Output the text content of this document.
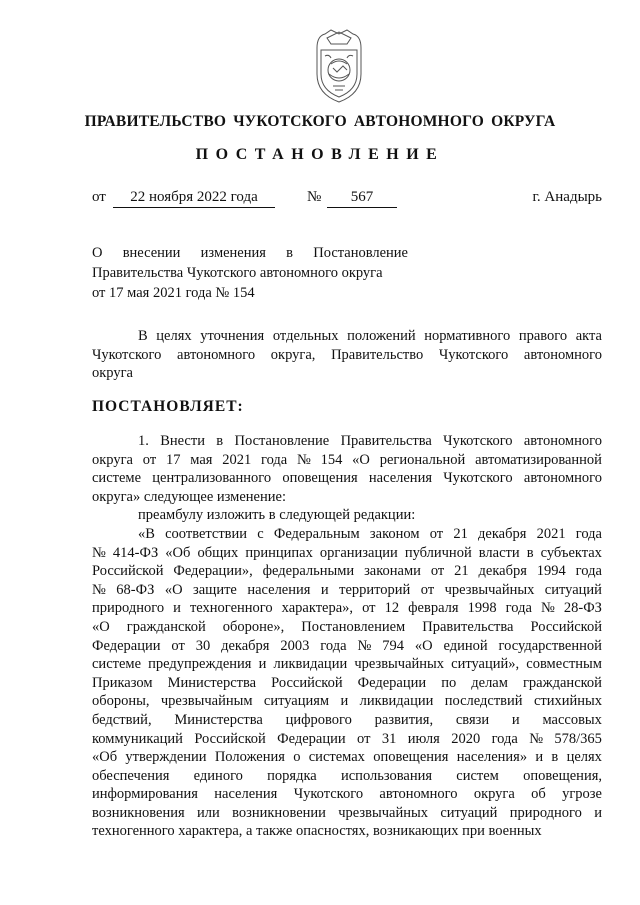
ПРАВИТЕЛЬСТВО ЧУКОТСКОГО АВТОНОМНОГО ОКРУГА
ПОСТАНОВЛЕНИЕ
от	22 ноября 2022 года	№	567	г. Анадырь
О внесении изменения в Постановление
Правительства Чукотского автономного округа
от 17 мая 2021 года № 154
В целях уточнения отдельных положений нормативного правого акта
Чукотского автономного округа, Правительство Чукотского автономного
округа
ПОСТАНОВЛЯЕТ:
1. Внести в Постановление Правительства Чукотского автономного
округа от 17 мая 2021 года № 154 «О региональной автоматизированной
системе централизованного оповещения населения Чукотского автономного
округа» следующее изменение:
преамбулу изложить в следующей редакции:
«В соответствии с Федеральным законом от 21 декабря 2021 года
№ 414-ФЗ «Об общих принципах организации публичной власти в субъектах
Российской Федерации», федеральными законами от 21 декабря 1994 года
№ 68-ФЗ «О защите населения и территорий от чрезвычайных ситуаций
природного и техногенного характера», от 12 февраля 1998 года № 28-ФЗ
«О гражданской обороне», Постановлением Правительства Российской
Федерации от 30 декабря 2003 года № 794 «О единой государственной
системе предупреждения и ликвидации чрезвычайных ситуаций», совместным
Приказом Министерства Российской Федерации по делам гражданской
обороны, чрезвычайным ситуациям и ликвидации последствий стихийных
бедствий, Министерства цифрового развития, связи и массовых
коммуникаций Российской Федерации от 31 июля 2020 года № 578/365
«Об утверждении Положения о системах оповещения населения» и в целях
обеспечения единого порядка использования систем оповещения,
информирования населения Чукотского автономного округа об угрозе
возникновения или возникновении чрезвычайных ситуаций природного и
техногенного характера, а также опасностях, возникающих при военных
